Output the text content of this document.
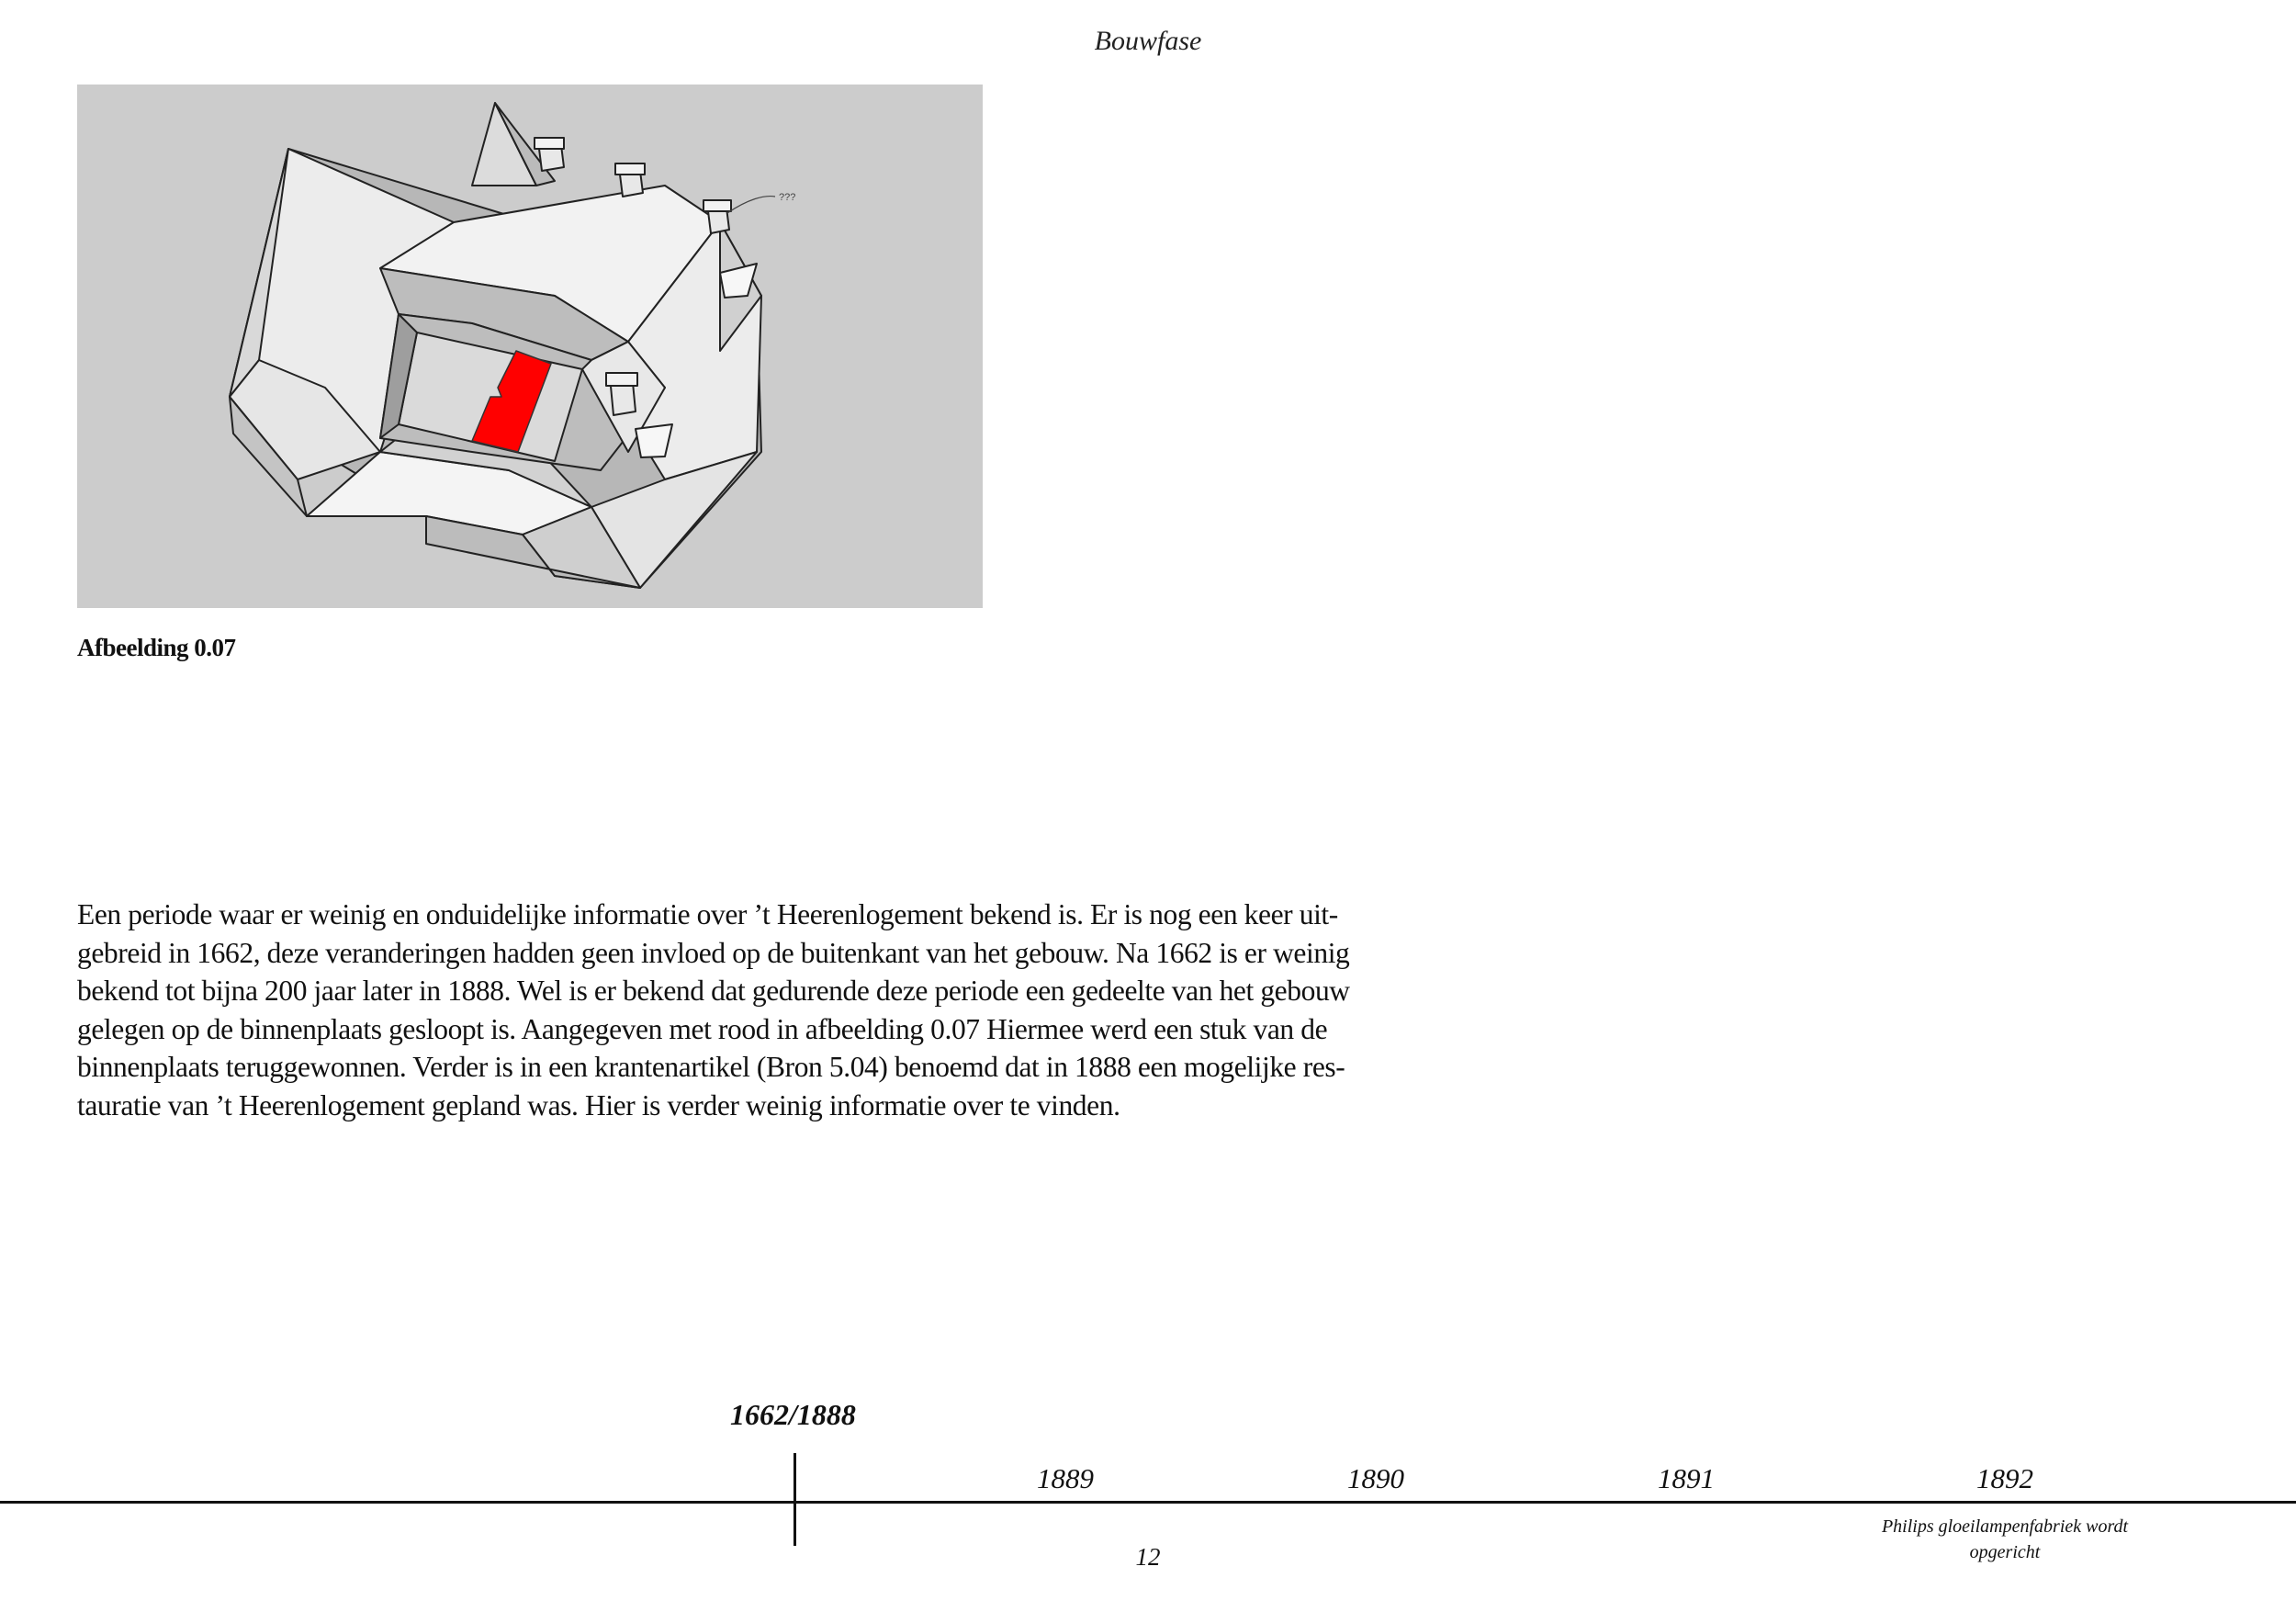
Bouwfase
???
Afbeelding 0.07
Een periode waar er weinig en onduidelijke informatie over ’t Heerenlogement bekend is. Er is nog een keer uit-
gebreid in 1662, deze veranderingen hadden geen invloed op de buitenkant van het gebouw. Na 1662 is er weinig
bekend tot bijna 200 jaar later in 1888. Wel is er bekend dat gedurende deze periode een gedeelte van het gebouw
gelegen op de binnenplaats gesloopt is. Aangegeven met rood in afbeelding 0.07 Hiermee werd een stuk van de
binnenplaats teruggewonnen. Verder is in een krantenartikel (Bron 5.04) benoemd dat in 1888 een mogelijke res-
tauratie van ’t Heerenlogement gepland was. Hier is verder weinig informatie over te vinden.
1662/1888
1889	1890	1891	1892
Philips gloeilampenfabriek wordt
opgericht
12
